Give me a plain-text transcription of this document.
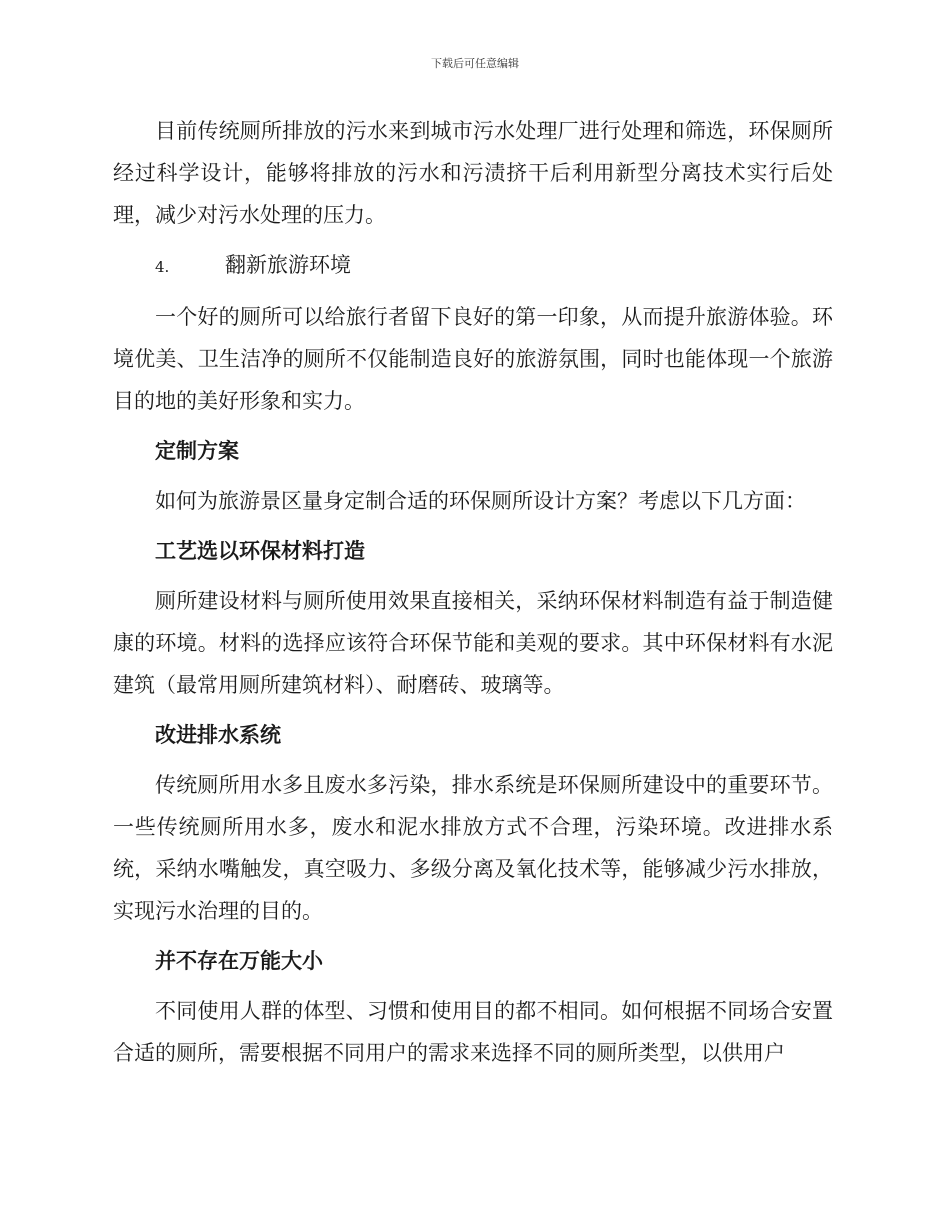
下载后可任意编辑

目前传统厕所排放的污水来到城市污水处理厂进行处理和筛选，环保厕所经过科学设计，能够将排放的污水和污渍挤干后利用新型分离技术实行后处理，减少对污水处理的压力。

4.	翻新旅游环境

一个好的厕所可以给旅行者留下良好的第一印象，从而提升旅游体验。环境优美、卫生洁净的厕所不仅能制造良好的旅游氛围，同时也能体现一个旅游目的地的美好形象和实力。

定制方案

如何为旅游景区量身定制合适的环保厕所设计方案？考虑以下几方面：

工艺选以环保材料打造

厕所建设材料与厕所使用效果直接相关，采纳环保材料制造有益于制造健康的环境。材料的选择应该符合环保节能和美观的要求。其中环保材料有水泥建筑（最常用厕所建筑材料）、耐磨砖、玻璃等。

改进排水系统

传统厕所用水多且废水多污染，排水系统是环保厕所建设中的重要环节。一些传统厕所用水多，废水和泥水排放方式不合理，污染环境。改进排水系统，采纳水嘴触发，真空吸力、多级分离及氧化技术等，能够减少污水排放，实现污水治理的目的。

并不存在万能大小

不同使用人群的体型、习惯和使用目的都不相同。如何根据不同场合安置合适的厕所，需要根据不同用户的需求来选择不同的厕所类型，以供用户
